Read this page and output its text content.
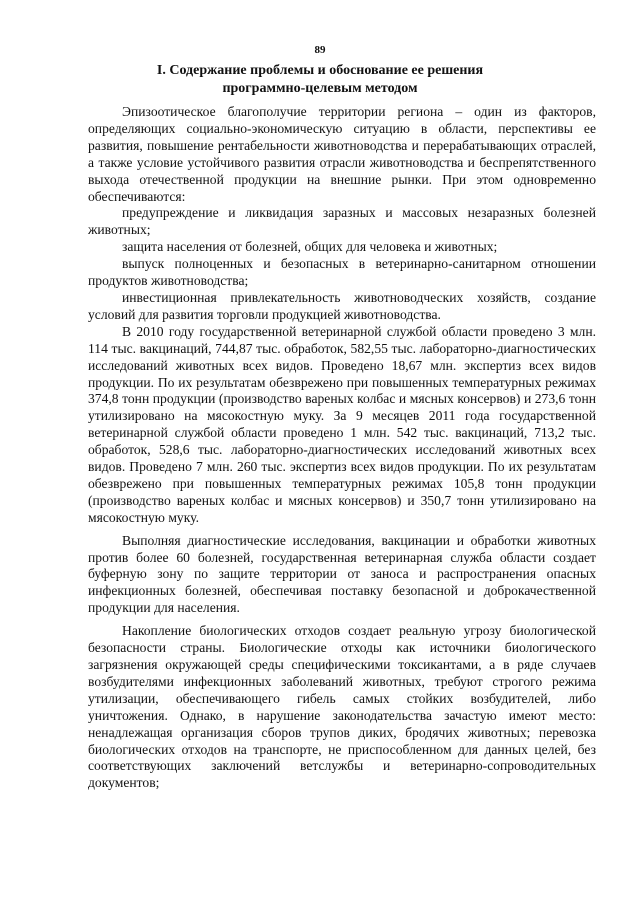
89
I. Содержание проблемы и обоснование ее решения
программно-целевым методом

Эпизоотическое благополучие территории региона – один из факторов, определяющих социально-экономическую ситуацию в области, перспективы ее развития, повышение рентабельности животноводства и перерабатывающих отраслей, а также условие устойчивого развития отрасли животноводства и беспрепятственного выхода отечественной продукции на внешние рынки. При этом одновременно обеспечиваются:

предупреждение и ликвидация заразных и массовых незаразных болезней животных;

защита населения от болезней, общих для человека и животных;

выпуск полноценных и безопасных в ветеринарно-санитарном отношении продуктов животноводства;

инвестиционная привлекательность животноводческих хозяйств, создание условий для развития торговли продукцией животноводства.

В 2010 году государственной ветеринарной службой области проведено 3 млн. 114 тыс. вакцинаций, 744,87 тыс. обработок, 582,55 тыс. лабораторно-диагностических исследований животных всех видов. Проведено 18,67 млн. экспертиз всех видов продукции. По их результатам обезврежено при повышенных температурных режимах 374,8 тонн продукции (производство вареных колбас и мясных консервов) и 273,6 тонн утилизировано на мясокостную муку. За 9 месяцев 2011 года государственной ветеринарной службой области проведено 1 млн. 542 тыс. вакцинаций, 713,2 тыс. обработок, 528,6 тыс. лабораторно-диагностических исследований животных всех видов. Проведено 7 млн. 260 тыс. экспертиз всех видов продукции. По их результатам обезврежено при повышенных температурных режимах 105,8 тонн продукции (производство вареных колбас и мясных консервов) и 350,7 тонн утилизировано на мясокостную муку.

Выполняя диагностические исследования, вакцинации и обработки животных против более 60 болезней, государственная ветеринарная служба области создает буферную зону по защите территории от заноса и распространения опасных инфекционных болезней, обеспечивая поставку безопасной и доброкачественной продукции для населения.

Накопление биологических отходов создает реальную угрозу биологической безопасности страны. Биологические отходы как источники биологического загрязнения окружающей среды специфическими токсикантами, а в ряде случаев возбудителями инфекционных заболеваний животных, требуют строгого режима утилизации, обеспечивающего гибель самых стойких возбудителей, либо уничтожения. Однако, в нарушение законодательства зачастую имеют место: ненадлежащая организация сборов трупов диких, бродячих животных; перевозка биологических отходов на транспорте, не приспособленном для данных целей, без соответствующих заключений ветслужбы и ветеринарно-сопроводительных документов;
